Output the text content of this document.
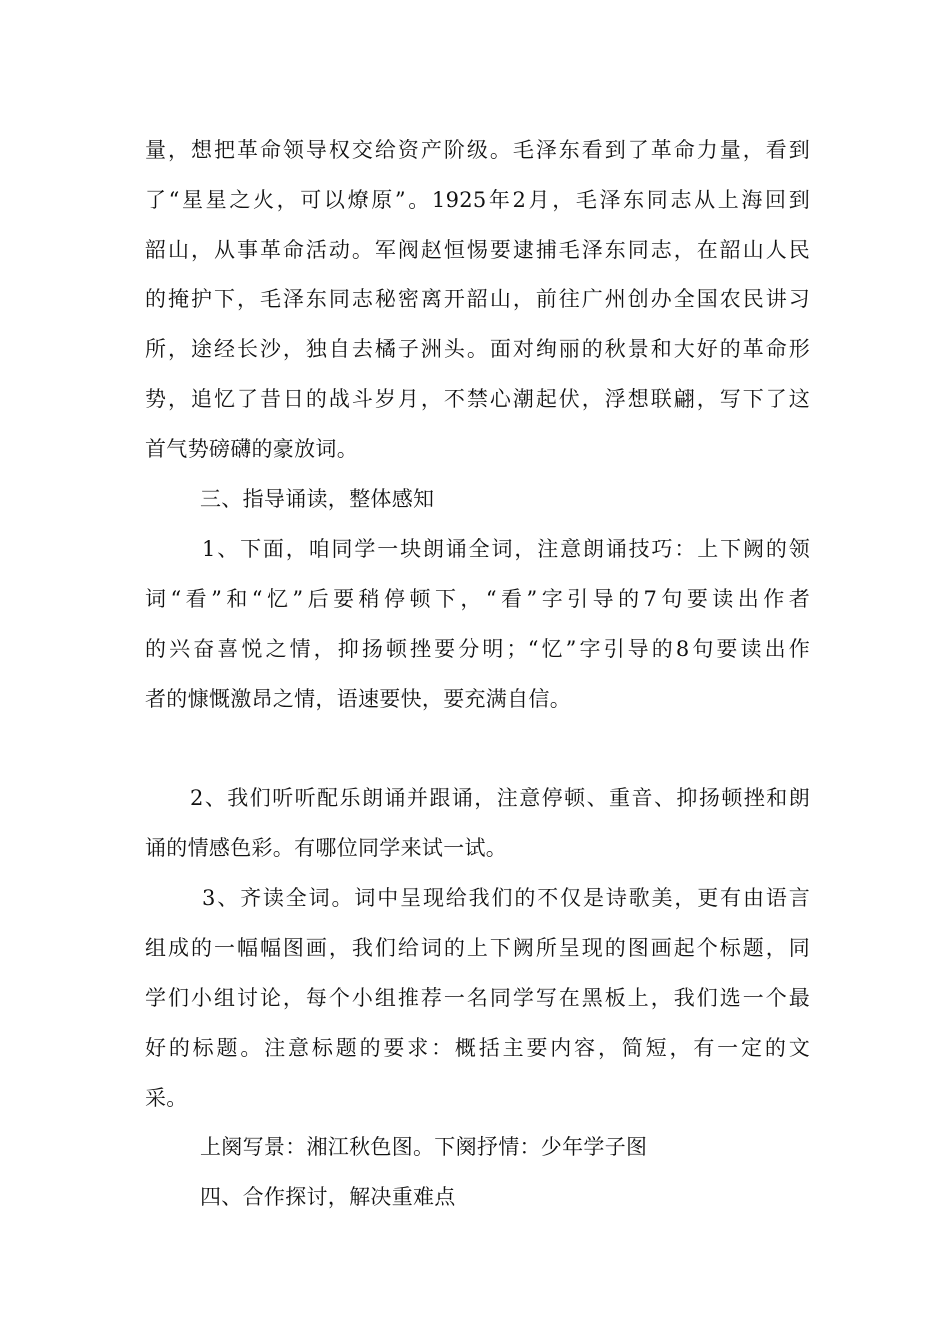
量，想把革命领导权交给资产阶级。毛泽东看到了革命力量，看到
了“星星之火，可以燎原”。1925年2月，毛泽东同志从上海回到
韶山，从事革命活动。军阀赵恒惕要逮捕毛泽东同志，在韶山人民
的掩护下，毛泽东同志秘密离开韶山，前往广州创办全国农民讲习
所，途经长沙，独自去橘子洲头。面对绚丽的秋景和大好的革命形
势，追忆了昔日的战斗岁月，不禁心潮起伏，浮想联翩，写下了这
首气势磅礴的豪放词。
三、指导诵读，整体感知
1、下面，咱同学一块朗诵全词，注意朗诵技巧：上下阙的领
词“看”和“忆”后要稍停顿下，“看”字引导的7句要读出作者
的兴奋喜悦之情，抑扬顿挫要分明；“忆”字引导的8句要读出作
者的慷慨激昂之情，语速要快，要充满自信。
2、我们听听配乐朗诵并跟诵，注意停顿、重音、抑扬顿挫和朗
诵的情感色彩。有哪位同学来试一试。
3、齐读全词。词中呈现给我们的不仅是诗歌美，更有由语言
组成的一幅幅图画，我们给词的上下阙所呈现的图画起个标题，同
学们小组讨论，每个小组推荐一名同学写在黑板上，我们选一个最
好的标题。注意标题的要求：概括主要内容，简短，有一定的文
采。
上阕写景：湘江秋色图。下阕抒情：少年学子图
四、合作探讨，解决重难点
